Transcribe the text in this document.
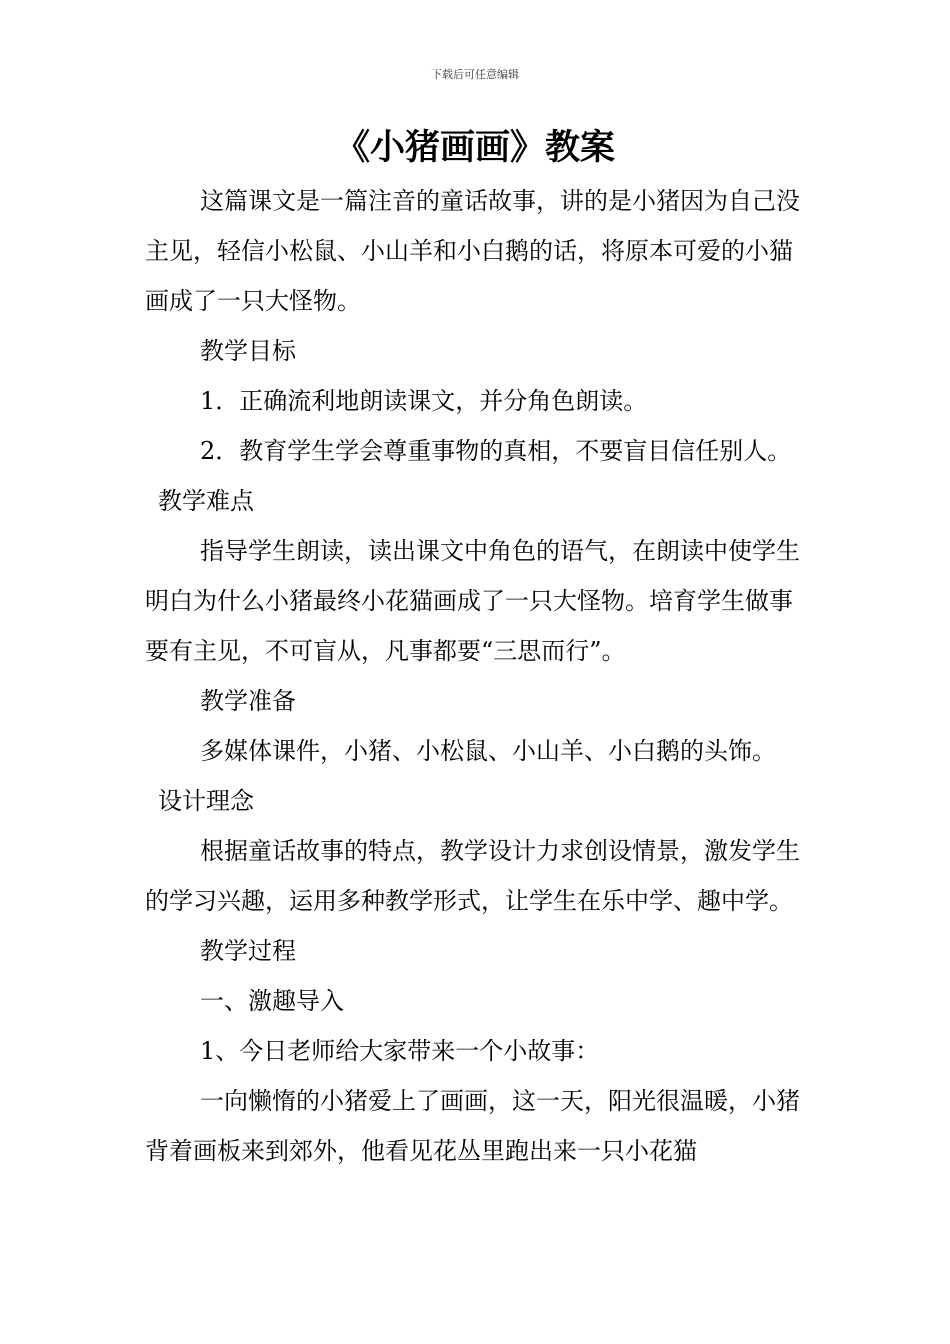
下载后可任意编辑
《小猪画画》教案

这篇课文是一篇注音的童话故事，讲的是小猪因为自己没主见，轻信小松鼠、小山羊和小白鹅的话，将原本可爱的小猫画成了一只大怪物。

教学目标

1．正确流利地朗读课文，并分角色朗读。

2．教育学生学会尊重事物的真相，不要盲目信任别人。

教学难点

指导学生朗读，读出课文中角色的语气，在朗读中使学生明白为什么小猪最终小花猫画成了一只大怪物。培育学生做事要有主见，不可盲从，凡事都要“三思而行”。

教学准备

多媒体课件，小猪、小松鼠、小山羊、小白鹅的头饰。

设计理念

根据童话故事的特点，教学设计力求创设情景，激发学生的学习兴趣，运用多种教学形式，让学生在乐中学、趣中学。

教学过程

一、激趣导入

1、今日老师给大家带来一个小故事：

一向懒惰的小猪爱上了画画，这一天，阳光很温暖，小猪背着画板来到郊外，他看见花丛里跑出来一只小花猫
